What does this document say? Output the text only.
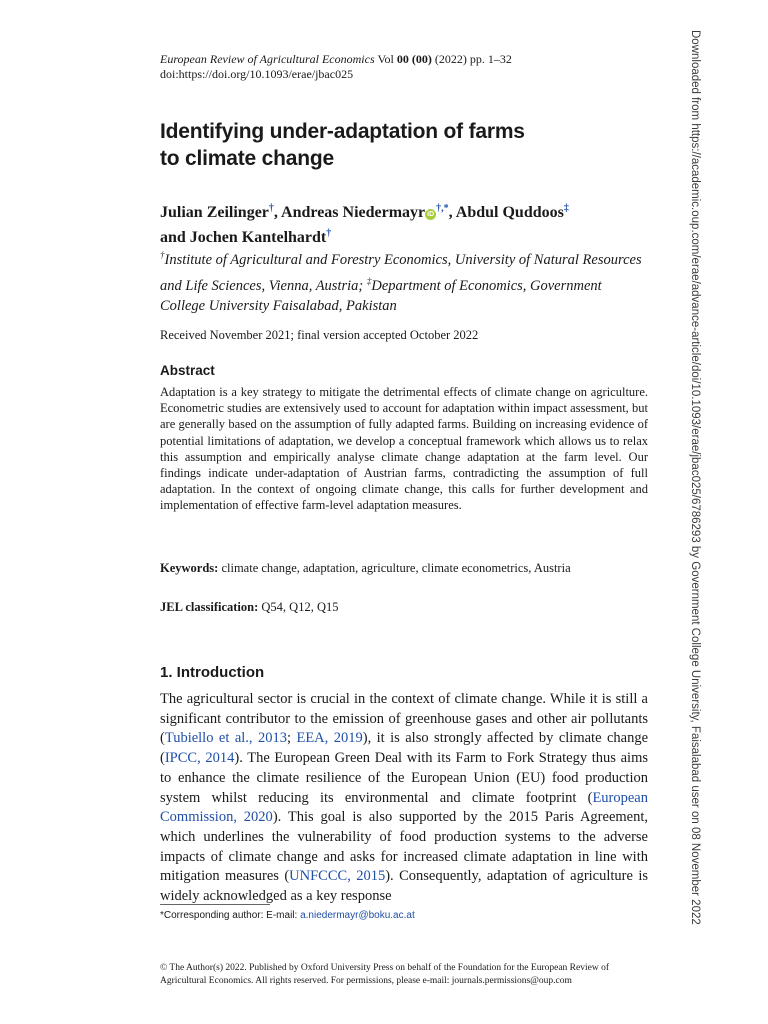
European Review of Agricultural Economics Vol 00 (00) (2022) pp. 1–32
doi:https://doi.org/10.1093/erae/jbac025
Identifying under-adaptation of farms
to climate change
Julian Zeilinger†, Andreas Niedermayr iD†,*, Abdul Quddoos‡
and Jochen Kantelhardt†
†Institute of Agricultural and Forestry Economics, University of Natural Resources and Life Sciences, Vienna, Austria; ‡Department of Economics, Government College University Faisalabad, Pakistan
Received November 2021; final version accepted October 2022
Abstract
Adaptation is a key strategy to mitigate the detrimental effects of climate change on agriculture. Econometric studies are extensively used to account for adaptation within impact assessment, but are generally based on the assumption of fully adapted farms. Building on increasing evidence of potential limitations of adaptation, we develop a conceptual framework which allows us to relax this assumption and empirically analyse climate change adaptation at the farm level. Our findings indicate under-adaptation of Austrian farms, contradicting the assumption of full adaptation. In the context of ongoing climate change, this calls for further development and implementation of effective farm-level adaptation measures.
Keywords: climate change, adaptation, agriculture, climate econometrics, Austria
JEL classification: Q54, Q12, Q15
1. Introduction
The agricultural sector is crucial in the context of climate change. While it is still a significant contributor to the emission of greenhouse gases and other air pollutants (Tubiello et al., 2013; EEA, 2019), it is also strongly affected by climate change (IPCC, 2014). The European Green Deal with its Farm to Fork Strategy thus aims to enhance the climate resilience of the European Union (EU) food production system whilst reducing its environmental and climate footprint (European Commission, 2020). This goal is also supported by the 2015 Paris Agreement, which underlines the vulnerability of food production systems to the adverse impacts of climate change and asks for increased climate adaptation in line with mitigation measures (UNFCCC, 2015). Consequently, adaptation of agriculture is widely acknowledged as a key response
*Corresponding author: E-mail: a.niedermayr@boku.ac.at
© The Author(s) 2022. Published by Oxford University Press on behalf of the Foundation for the European Review of Agricultural Economics. All rights reserved. For permissions, please e-mail: journals.permissions@oup.com
Downloaded from https://academic.oup.com/erae/advance-article/doi/10.1093/erae/jbac025/6786293 by Government College University, Faisalabad user on 08 November 2022
